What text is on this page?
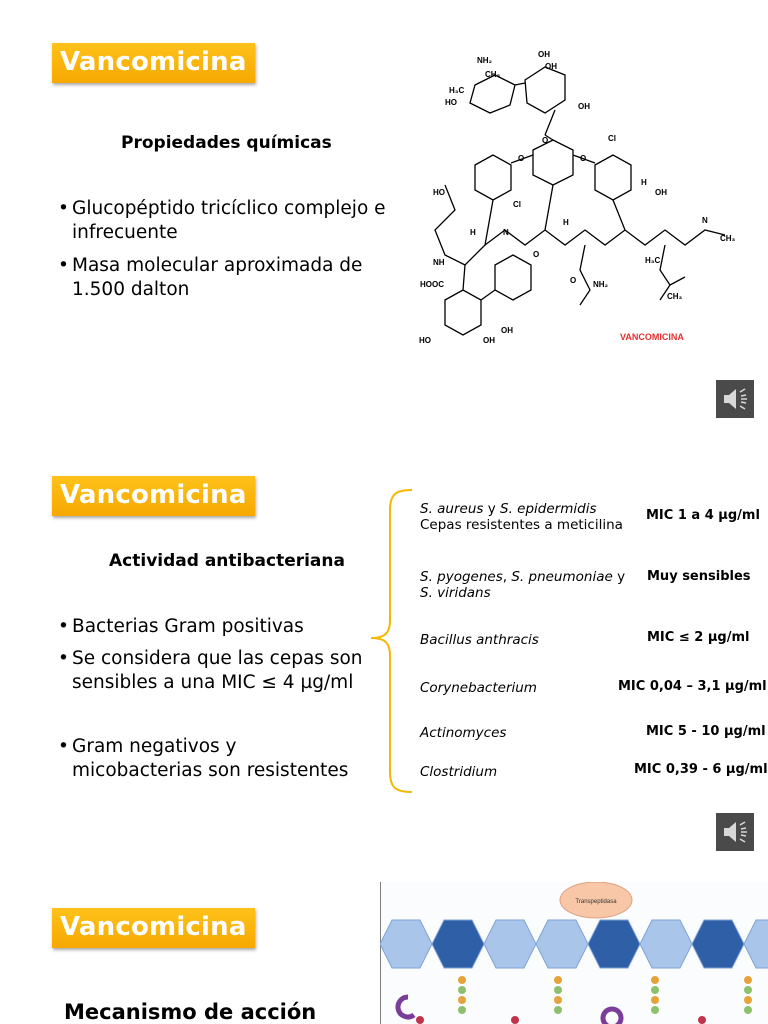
Vancomicina
Propiedades químicas
• Glucopéptido tricíclico complejo e infrecuente
• Masa molecular aproximada de 1.500 dalton
NH₂
CH₃
H₃C
HO
OH
OH
OH
O	O
O	Cl
Cl
HO
H
OH
H	N
O
N
H
NH
HOOC	O NH₂
CH₃
H₃C
CH₃
HO	OH
OH
VANCOMICINA
Vancomicina
Actividad antibacteriana
• Bacterias Gram positivas
• Se considera que las cepas son sensibles a una MIC ≤ 4 µg/ml
• Gram negativos y micobacterias son resistentes
S. aureus y S. epidermidis
Cepas resistentes a meticilina
MIC 1 a 4 µg/ml
S. pyogenes, S. pneumoniae y
S. viridans
Muy sensibles
Bacillus anthracis	MIC ≤ 2 µg/ml
Corynebacterium	MIC 0,04 – 3,1 µg/ml
Actinomyces	MIC 5 - 10 µg/ml
Clostridium	MIC 0,39 - 6 µg/ml
Vancomicina
Mecanismo de acción
Transpeptidasa
